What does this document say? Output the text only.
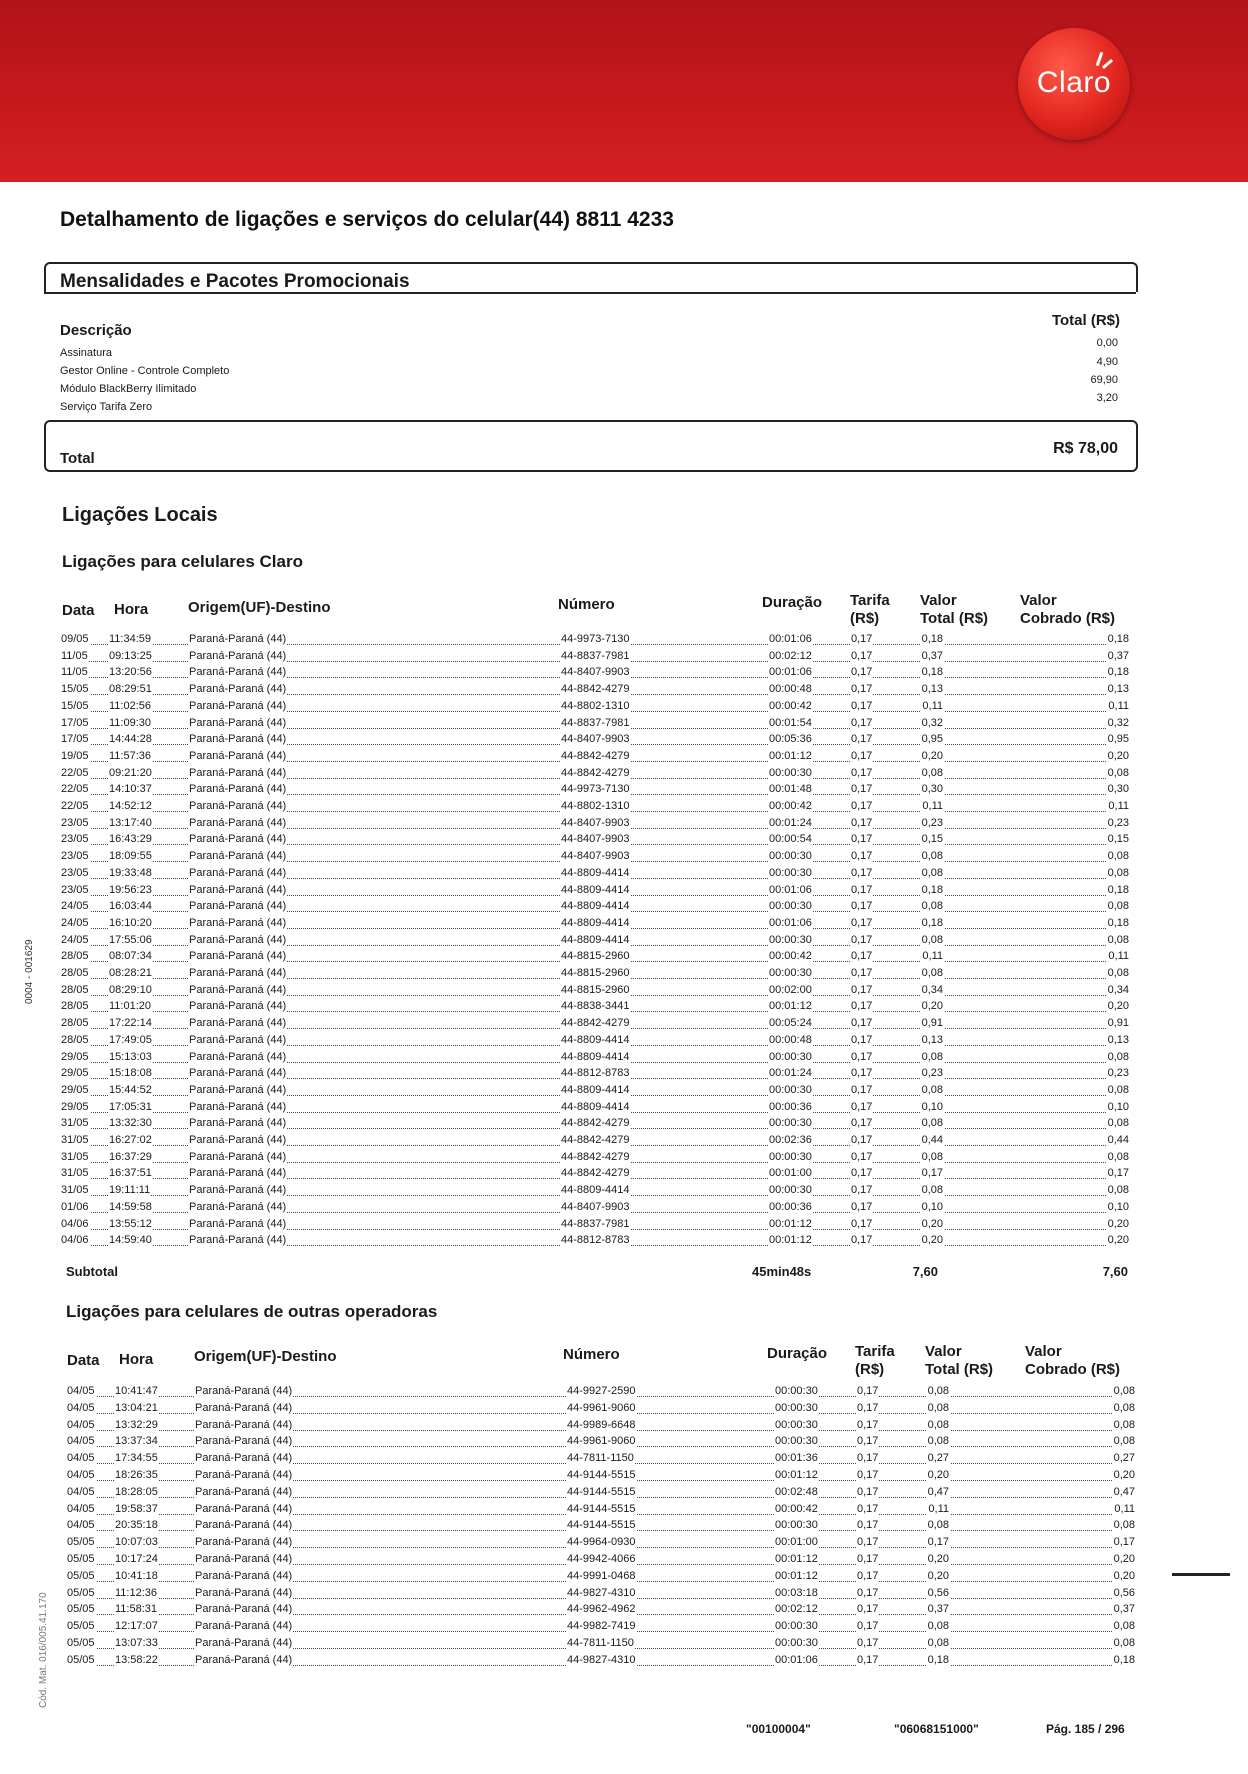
Claro
Detalhamento de ligações e serviços do celular(44) 8811 4233
Mensalidades e Pacotes Promocionais
Descrição
Total (R$)
Assinatura
0,00
Gestor Online - Controle Completo
4,90
Módulo BlackBerry Ilimitado
69,90
Serviço Tarifa Zero
3,20
Total
R$ 78,00
Ligações Locais
Ligações para celulares Claro
Data Hora	Origem(UF)-Destino	Número	Duração Tarifa
(R$)
Valor
Total (R$)
Valor
Cobrado (R$)
09/05 11:34:59	Paraná-Paraná (44)	44-9973-7130	00:01:06	0,17	0,18	0,18
11/05 09:13:25	Paraná-Paraná (44)	44-8837-7981	00:02:12	0,17	0,37	0,37
11/05 13:20:56	Paraná-Paraná (44)	44-8407-9903	00:01:06	0,17	0,18	0,18
15/05 08:29:51	Paraná-Paraná (44)	44-8842-4279	00:00:48	0,17	0,13	0,13
15/05 11:02:56	Paraná-Paraná (44)	44-8802-1310	00:00:42	0,17	0,11	0,11
17/05 11:09:30	Paraná-Paraná (44)	44-8837-7981	00:01:54	0,17	0,32	0,32
17/05 14:44:28	Paraná-Paraná (44)	44-8407-9903	00:05:36	0,17	0,95	0,95
19/05 11:57:36	Paraná-Paraná (44)	44-8842-4279	00:01:12	0,17	0,20	0,20
22/05 09:21:20	Paraná-Paraná (44)	44-8842-4279	00:00:30	0,17	0,08	0,08
22/05 14:10:37	Paraná-Paraná (44)	44-9973-7130	00:01:48	0,17	0,30	0,30
22/05 14:52:12	Paraná-Paraná (44)	44-8802-1310	00:00:42	0,17	0,11	0,11
23/05 13:17:40	Paraná-Paraná (44)	44-8407-9903	00:01:24	0,17	0,23	0,23
23/05 16:43:29	Paraná-Paraná (44)	44-8407-9903	00:00:54	0,17	0,15	0,15
23/05 18:09:55	Paraná-Paraná (44)	44-8407-9903	00:00:30	0,17	0,08	0,08
23/05 19:33:48	Paraná-Paraná (44)	44-8809-4414	00:00:30	0,17	0,08	0,08
23/05 19:56:23	Paraná-Paraná (44)	44-8809-4414	00:01:06	0,17	0,18	0,18
24/05 16:03:44	Paraná-Paraná (44)	44-8809-4414	00:00:30	0,17	0,08	0,08
24/05 16:10:20	Paraná-Paraná (44)	44-8809-4414	00:01:06	0,17	0,18	0,18
24/05 17:55:06	Paraná-Paraná (44)	44-8809-4414	00:00:30	0,17	0,08	0,08
28/05 08:07:34	Paraná-Paraná (44)	44-8815-2960	00:00:42	0,17	0,11	0,11
28/05 08:28:21	Paraná-Paraná (44)	44-8815-2960	00:00:30	0,17	0,08	0,08
28/05 08:29:10	Paraná-Paraná (44)	44-8815-2960	00:02:00	0,17	0,34	0,34
28/05 11:01:20	Paraná-Paraná (44)	44-8838-3441	00:01:12	0,17	0,20	0,20
28/05 17:22:14	Paraná-Paraná (44)	44-8842-4279	00:05:24	0,17	0,91	0,91
28/05 17:49:05	Paraná-Paraná (44)	44-8809-4414	00:00:48	0,17	0,13	0,13
29/05 15:13:03	Paraná-Paraná (44)	44-8809-4414	00:00:30	0,17	0,08	0,08
29/05 15:18:08	Paraná-Paraná (44)	44-8812-8783	00:01:24	0,17	0,23	0,23
29/05 15:44:52	Paraná-Paraná (44)	44-8809-4414	00:00:30	0,17	0,08	0,08
29/05 17:05:31	Paraná-Paraná (44)	44-8809-4414	00:00:36	0,17	0,10	0,10
31/05 13:32:30	Paraná-Paraná (44)	44-8842-4279	00:00:30	0,17	0,08	0,08
31/05 16:27:02	Paraná-Paraná (44)	44-8842-4279	00:02:36	0,17	0,44	0,44
31/05 16:37:29	Paraná-Paraná (44)	44-8842-4279	00:00:30	0,17	0,08	0,08
31/05 16:37:51	Paraná-Paraná (44)	44-8842-4279	00:01:00	0,17	0,17	0,17
31/05 19:11:11	Paraná-Paraná (44)	44-8809-4414	00:00:30	0,17	0,08	0,08
01/06 14:59:58	Paraná-Paraná (44)	44-8407-9903	00:00:36	0,17	0,10	0,10
04/06 13:55:12	Paraná-Paraná (44)	44-8837-7981	00:01:12	0,17	0,20	0,20
04/06 14:59:40	Paraná-Paraná (44)	44-8812-8783	00:01:12	0,17	0,20	0,20
Subtotal	45min48s	7,60	7,60
Ligações para celulares de outras operadoras
Data Hora	Origem(UF)-Destino	Número	Duração Tarifa
(R$)
Valor
Total (R$)
Valor
Cobrado (R$)
04/05 10:41:47	Paraná-Paraná (44)	44-9927-2590	00:00:30	0,17	0,08	0,08
04/05 13:04:21	Paraná-Paraná (44)	44-9961-9060	00:00:30	0,17	0,08	0,08
04/05 13:32:29	Paraná-Paraná (44)	44-9989-6648	00:00:30	0,17	0,08	0,08
04/05 13:37:34	Paraná-Paraná (44)	44-9961-9060	00:00:30	0,17	0,08	0,08
04/05 17:34:55	Paraná-Paraná (44)	44-7811-1150	00:01:36	0,17	0,27	0,27
04/05 18:26:35	Paraná-Paraná (44)	44-9144-5515	00:01:12	0,17	0,20	0,20
04/05 18:28:05	Paraná-Paraná (44)	44-9144-5515	00:02:48	0,17	0,47	0,47
04/05 19:58:37	Paraná-Paraná (44)	44-9144-5515	00:00:42	0,17	0,11	0,11
04/05 20:35:18	Paraná-Paraná (44)	44-9144-5515	00:00:30	0,17	0,08	0,08
05/05 10:07:03	Paraná-Paraná (44)	44-9964-0930	00:01:00	0,17	0,17	0,17
05/05 10:17:24	Paraná-Paraná (44)	44-9942-4066	00:01:12	0,17	0,20	0,20
05/05 10:41:18	Paraná-Paraná (44)	44-9991-0468	00:01:12	0,17	0,20	0,20
05/05 11:12:36	Paraná-Paraná (44)	44-9827-4310	00:03:18	0,17	0,56	0,56
05/05 11:58:31	Paraná-Paraná (44)	44-9962-4962	00:02:12	0,17	0,37	0,37
05/05 12:17:07	Paraná-Paraná (44)	44-9982-7419	00:00:30	0,17	0,08	0,08
05/05 13:07:33	Paraná-Paraná (44)	44-7811-1150	00:00:30	0,17	0,08	0,08
05/05 13:58:22	Paraná-Paraná (44)	44-9827-4310	00:01:06	0,17	0,18	0,18
0004 - 001629
Cód. Mat. 016/005.41.170
"00100004"	"06068151000"	Pág. 185 / 296
